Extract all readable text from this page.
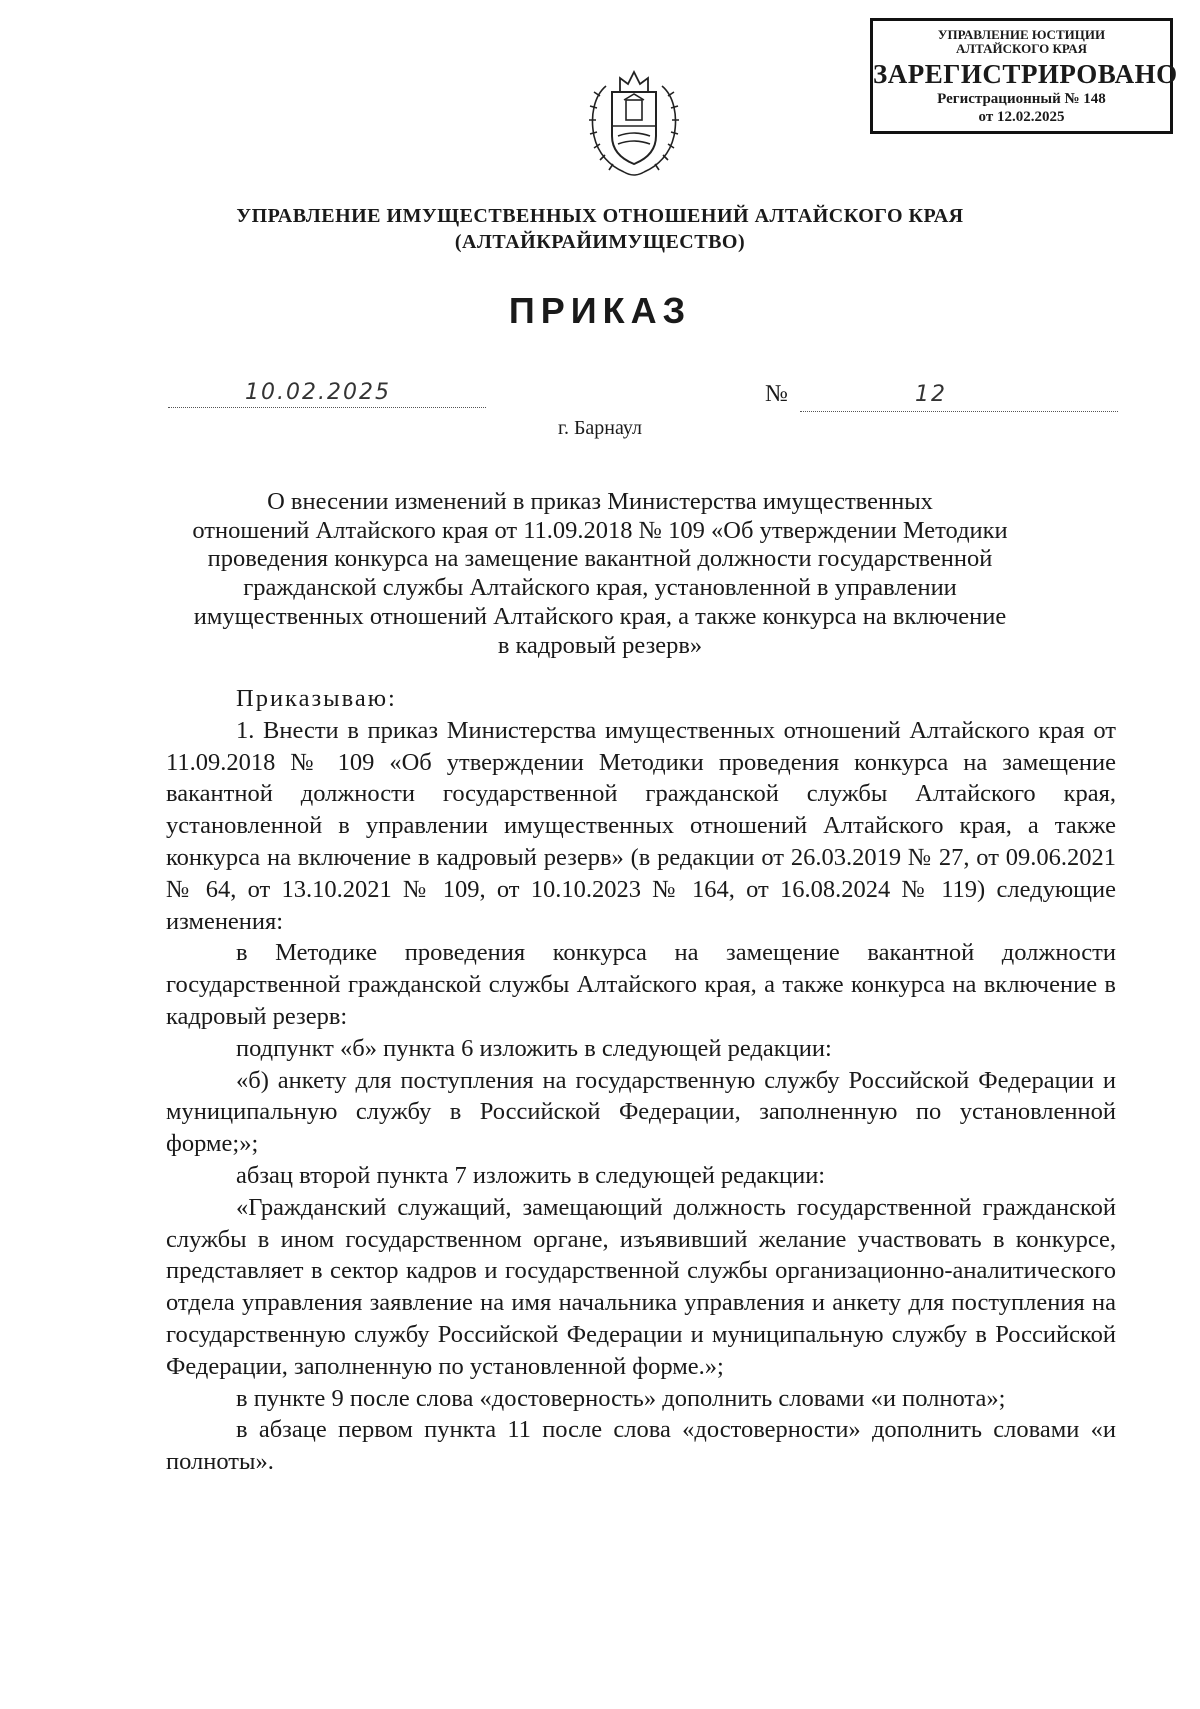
УПРАВЛЕНИЕ ЮСТИЦИИ
АЛТАЙСКОГО КРАЯ
ЗАРЕГИСТРИРОВАНО
Регистрационный № 148
от 12.02.2025
УПРАВЛЕНИЕ ИМУЩЕСТВЕННЫХ ОТНОШЕНИЙ АЛТАЙСКОГО КРАЯ
(АЛТАЙКРАЙИМУЩЕСТВО)
ПРИКАЗ
10.02.2025	№	12
г. Барнаул
О внесении изменений в приказ Министерства имущественных
отношений Алтайского края от 11.09.2018 № 109 «Об утверждении Методики
проведения конкурса на замещение вакантной должности государственной
гражданской службы Алтайского края, установленной в управлении
имущественных отношений Алтайского края, а также конкурса на включение
в кадровый резерв»

Приказываю:

1. Внести в приказ Министерства имущественных отношений Алтайского края от 11.09.2018 № 109 «Об утверждении Методики проведения конкурса на замещение вакантной должности государственной гражданской службы Алтайского края, установленной в управлении имущественных отношений Алтайского края, а также конкурса на включение в кадровый резерв» (в редакции от 26.03.2019 № 27, от 09.06.2021 № 64, от 13.10.2021 № 109, от 10.10.2023 № 164, от 16.08.2024 № 119) следующие изменения:

в Методике проведения конкурса на замещение вакантной должности государственной гражданской службы Алтайского края, а также конкурса на включение в кадровый резерв:

подпункт «б» пункта 6 изложить в следующей редакции:

«б) анкету для поступления на государственную службу Российской Федерации и муниципальную службу в Российской Федерации, заполненную по установленной форме;»;

абзац второй пункта 7 изложить в следующей редакции:

«Гражданский служащий, замещающий должность государственной гражданской службы в ином государственном органе, изъявивший желание участвовать в конкурсе, представляет в сектор кадров и государственной службы организационно-аналитического отдела управления заявление на имя начальника управления и анкету для поступления на государственную службу Российской Федерации и муниципальную службу в Российской Федерации, заполненную по установленной форме.»;

в пункте 9 после слова «достоверность» дополнить словами «и полнота»;

в абзаце первом пункта 11 после слова «достоверности» дополнить словами «и полноты».
